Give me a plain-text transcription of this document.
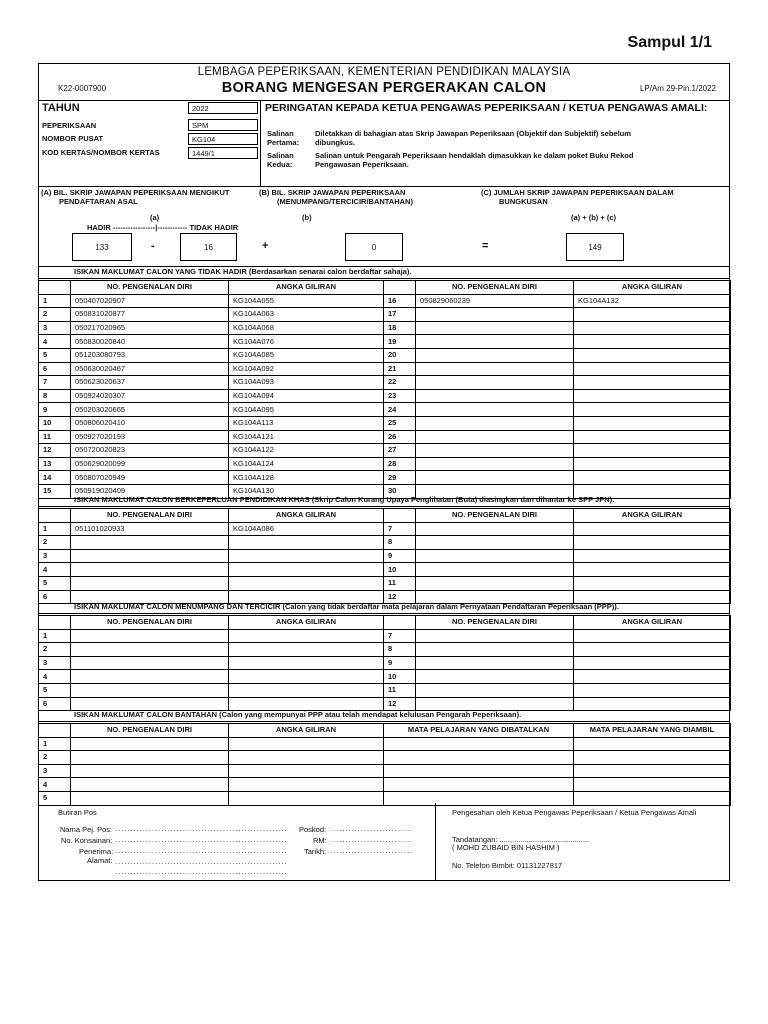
Sampul 1/1
LEMBAGA PEPERIKSAAN, KEMENTERIAN PENDIDIKAN MALAYSIA
BORANG MENGESAN PERGERAKAN CALON
K22-0007900	LP/Am 29-Pin.1/2022
TAHUN	2022
PEPERIKSAAN	SPM
NOMBOR PUSAT	KG104
KOD KERTAS/NOMBOR KERTAS	1449/1
PERINGATAN KEPADA KETUA PENGAWAS PEPERIKSAAN / KETUA PENGAWAS AMALI:
Salinan
Pertama:
Diletakkan di bahagian atas Skrip Jawapan Peperiksaan (Objektif dan Subjektif) sebelum dibungkus.
Salinan
Kedua:
Salinan untuk Pengarah Peperiksaan hendaklah dimasukkan ke dalam poket Buku Rekod Pengawasan Peperiksaan.
(A) BIL. SKRIP JAWAPAN PEPERIKSAAN MENGIKUT
PENDAFTARAN ASAL
(B) BIL. SKRIP JAWAPAN PEPERIKSAAN
(MENUMPANG/TERCICIR/BANTAHAN)
(C) JUMLAH SKRIP JAWAPAN PEPERIKSAAN DALAM
BUNGKUSAN
(a)
HADIR -----------------|------------ TIDAK HADIR
(b)	(a) + (b) + (c)
133	-	16	+	0	=	149
ISIKAN MAKLUMAT CALON YANG TIDAK HADIR (Berdasarkan senarai calon berdaftar sahaja).
	NO. PENGENALAN DIRI	ANGKA GILIRAN		NO. PENGENALAN DIRI	ANGKA GILIRAN
1	050407020907	KG104A055	16	050829060239	KG104A132
2	050831020877	KG104A063	17		
3	050217020965	KG104A068	18		
4	050830020840	KG104A076	19		
5	051203080793	KG104A085	20		
6	050630020467	KG104A092	21		
7	050623020637	KG104A093	22		
8	050924020307	KG104A094	23		
9	050203020665	KG104A095	24		
10	050806020410	KG104A113	25		
11	050927020193	KG104A121	26		
12	050720020823	KG104A122	27		
13	050629020099	KG104A124	28		
14	050807020949	KG104A128	29		
15	050919020409	KG104A130	30		
ISIKAN MAKLUMAT CALON BERKEPERLUAN PENDIDIKAN KHAS (Skrip Calon Kurang Upaya Penglihatan (Buta) diasingkan dan dihantar ke SPP JPN).
	NO. PENGENALAN DIRI	ANGKA GILIRAN		NO. PENGENALAN DIRI	ANGKA GILIRAN
1	051101020933	KG104A086	7		
2			8		
3			9		
4			10		
5			11		
6			12		
ISIKAN MAKLUMAT CALON MENUMPANG DAN TERCICIR (Calon yang tidak berdaftar mata pelajaran dalam Pernyataan Pendaftaran Peperiksaan (PPP)).
	NO. PENGENALAN DIRI	ANGKA GILIRAN		NO. PENGENALAN DIRI	ANGKA GILIRAN
1			7		
2			8		
3			9		
4			10		
5			11		
6			12		
ISIKAN MAKLUMAT CALON BANTAHAN (Calon yang mempunyai PPP atau telah mendapat kelulusan Pengarah Peperiksaan).
	NO. PENGENALAN DIRI	ANGKA GILIRAN	MATA PELAJARAN YANG DIBATALKAN	MATA PELAJARAN YANG DIAMBIL
1				
2				
3				
4				
5				
Butiran Pos
Nama Pej. Pos: ........................................................
No. Konsainan: ........................................................
Penerima: ........................................................
Alamat: ........................................................
........................................................
Poskod: ...........................
RM: ...........................
Tarikh: ...........................
Pengesahan oleh Ketua Pengawas Peperiksaan / Ketua Pengawas Amali
Tandatangan: ...........................................
( MOHD ZUBAID BIN HASHIM )
No. Telefon Bimbit: 01131227817
